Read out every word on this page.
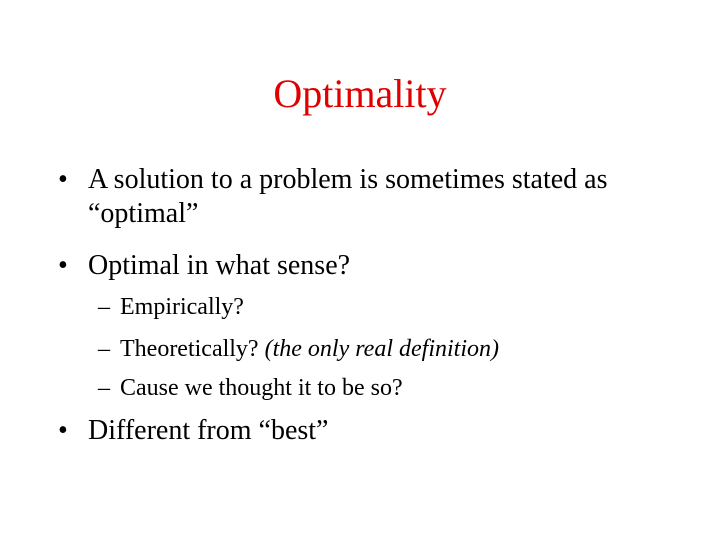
Optimality
• A solution to a problem is sometimes stated as “optimal”
• Optimal in what sense?
– Empirically?
– Theoretically? (the only real definition)
– Cause we thought it to be so?
• Different from “best”
